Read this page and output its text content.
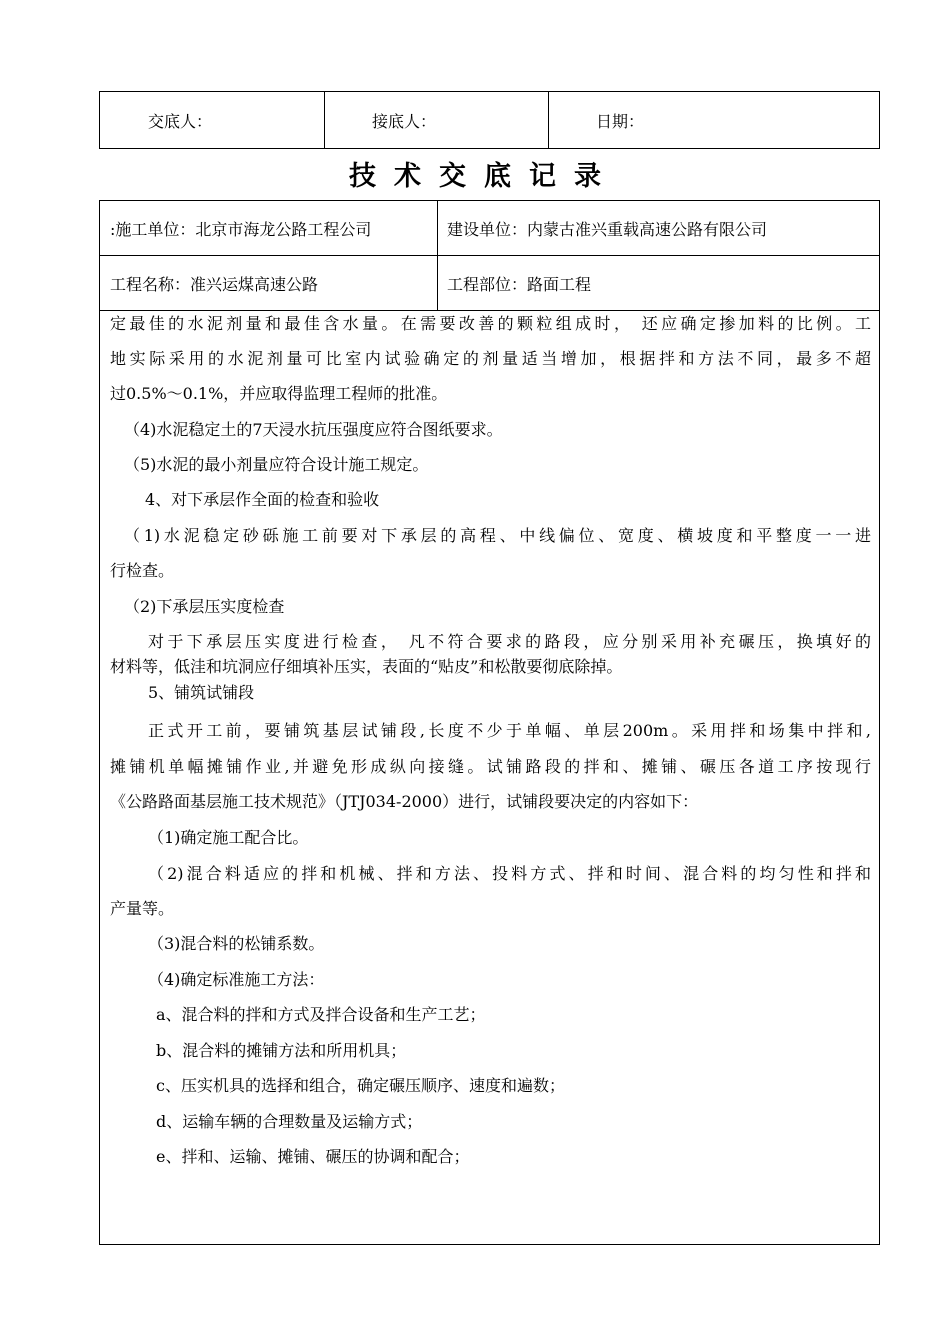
交底人：	接底人：	日期：
技术交底记录
:施工单位：北京市海龙公路工程公司	建设单位：内蒙古准兴重载高速公路有限公司
工程名称：准兴运煤高速公路	工程部位：路面工程
定最佳的水泥剂量和最佳含水量。在需要改善的颗粒组成时， 还应确定掺加料的比例。工
地实际采用的水泥剂量可比室内试验确定的剂量适当增加，根据拌和方法不同，最多不超
过0.5%～0.1%，并应取得监理工程师的批准。
（4)水泥稳定土的7天浸水抗压强度应符合图纸要求。
（5)水泥的最小剂量应符合设计施工规定。
4、对下承层作全面的检查和验收
（1)水泥稳定砂砾施工前要对下承层的高程、中线偏位、宽度、横坡度和平整度一一进
行检查。
（2)下承层压实度检查
对于下承层压实度进行检查， 凡不符合要求的路段，应分别采用补充碾压，换填好的
材料等，低洼和坑洞应仔细填补压实，表面的“贴皮”和松散要彻底除掉。
5、铺筑试铺段
正式开工前，要铺筑基层试铺段,长度不少于单幅、单层200m。采用拌和场集中拌和,
摊铺机单幅摊铺作业,并避免形成纵向接缝。试铺路段的拌和、摊铺、碾压各道工序按现行
《公路路面基层施工技术规范》（JTJ034-2000）进行，试铺段要决定的内容如下：
（1)确定施工配合比。
（2)混合料适应的拌和机械、拌和方法、投料方式、拌和时间、混合料的均匀性和拌和
产量等。
（3)混合料的松铺系数。
（4)确定标准施工方法：
a、混合料的拌和方式及拌合设备和生产工艺；
b、混合料的摊铺方法和所用机具；
c、压实机具的选择和组合，确定碾压顺序、速度和遍数；
d、运输车辆的合理数量及运输方式；
e、拌和、运输、摊铺、碾压的协调和配合；
